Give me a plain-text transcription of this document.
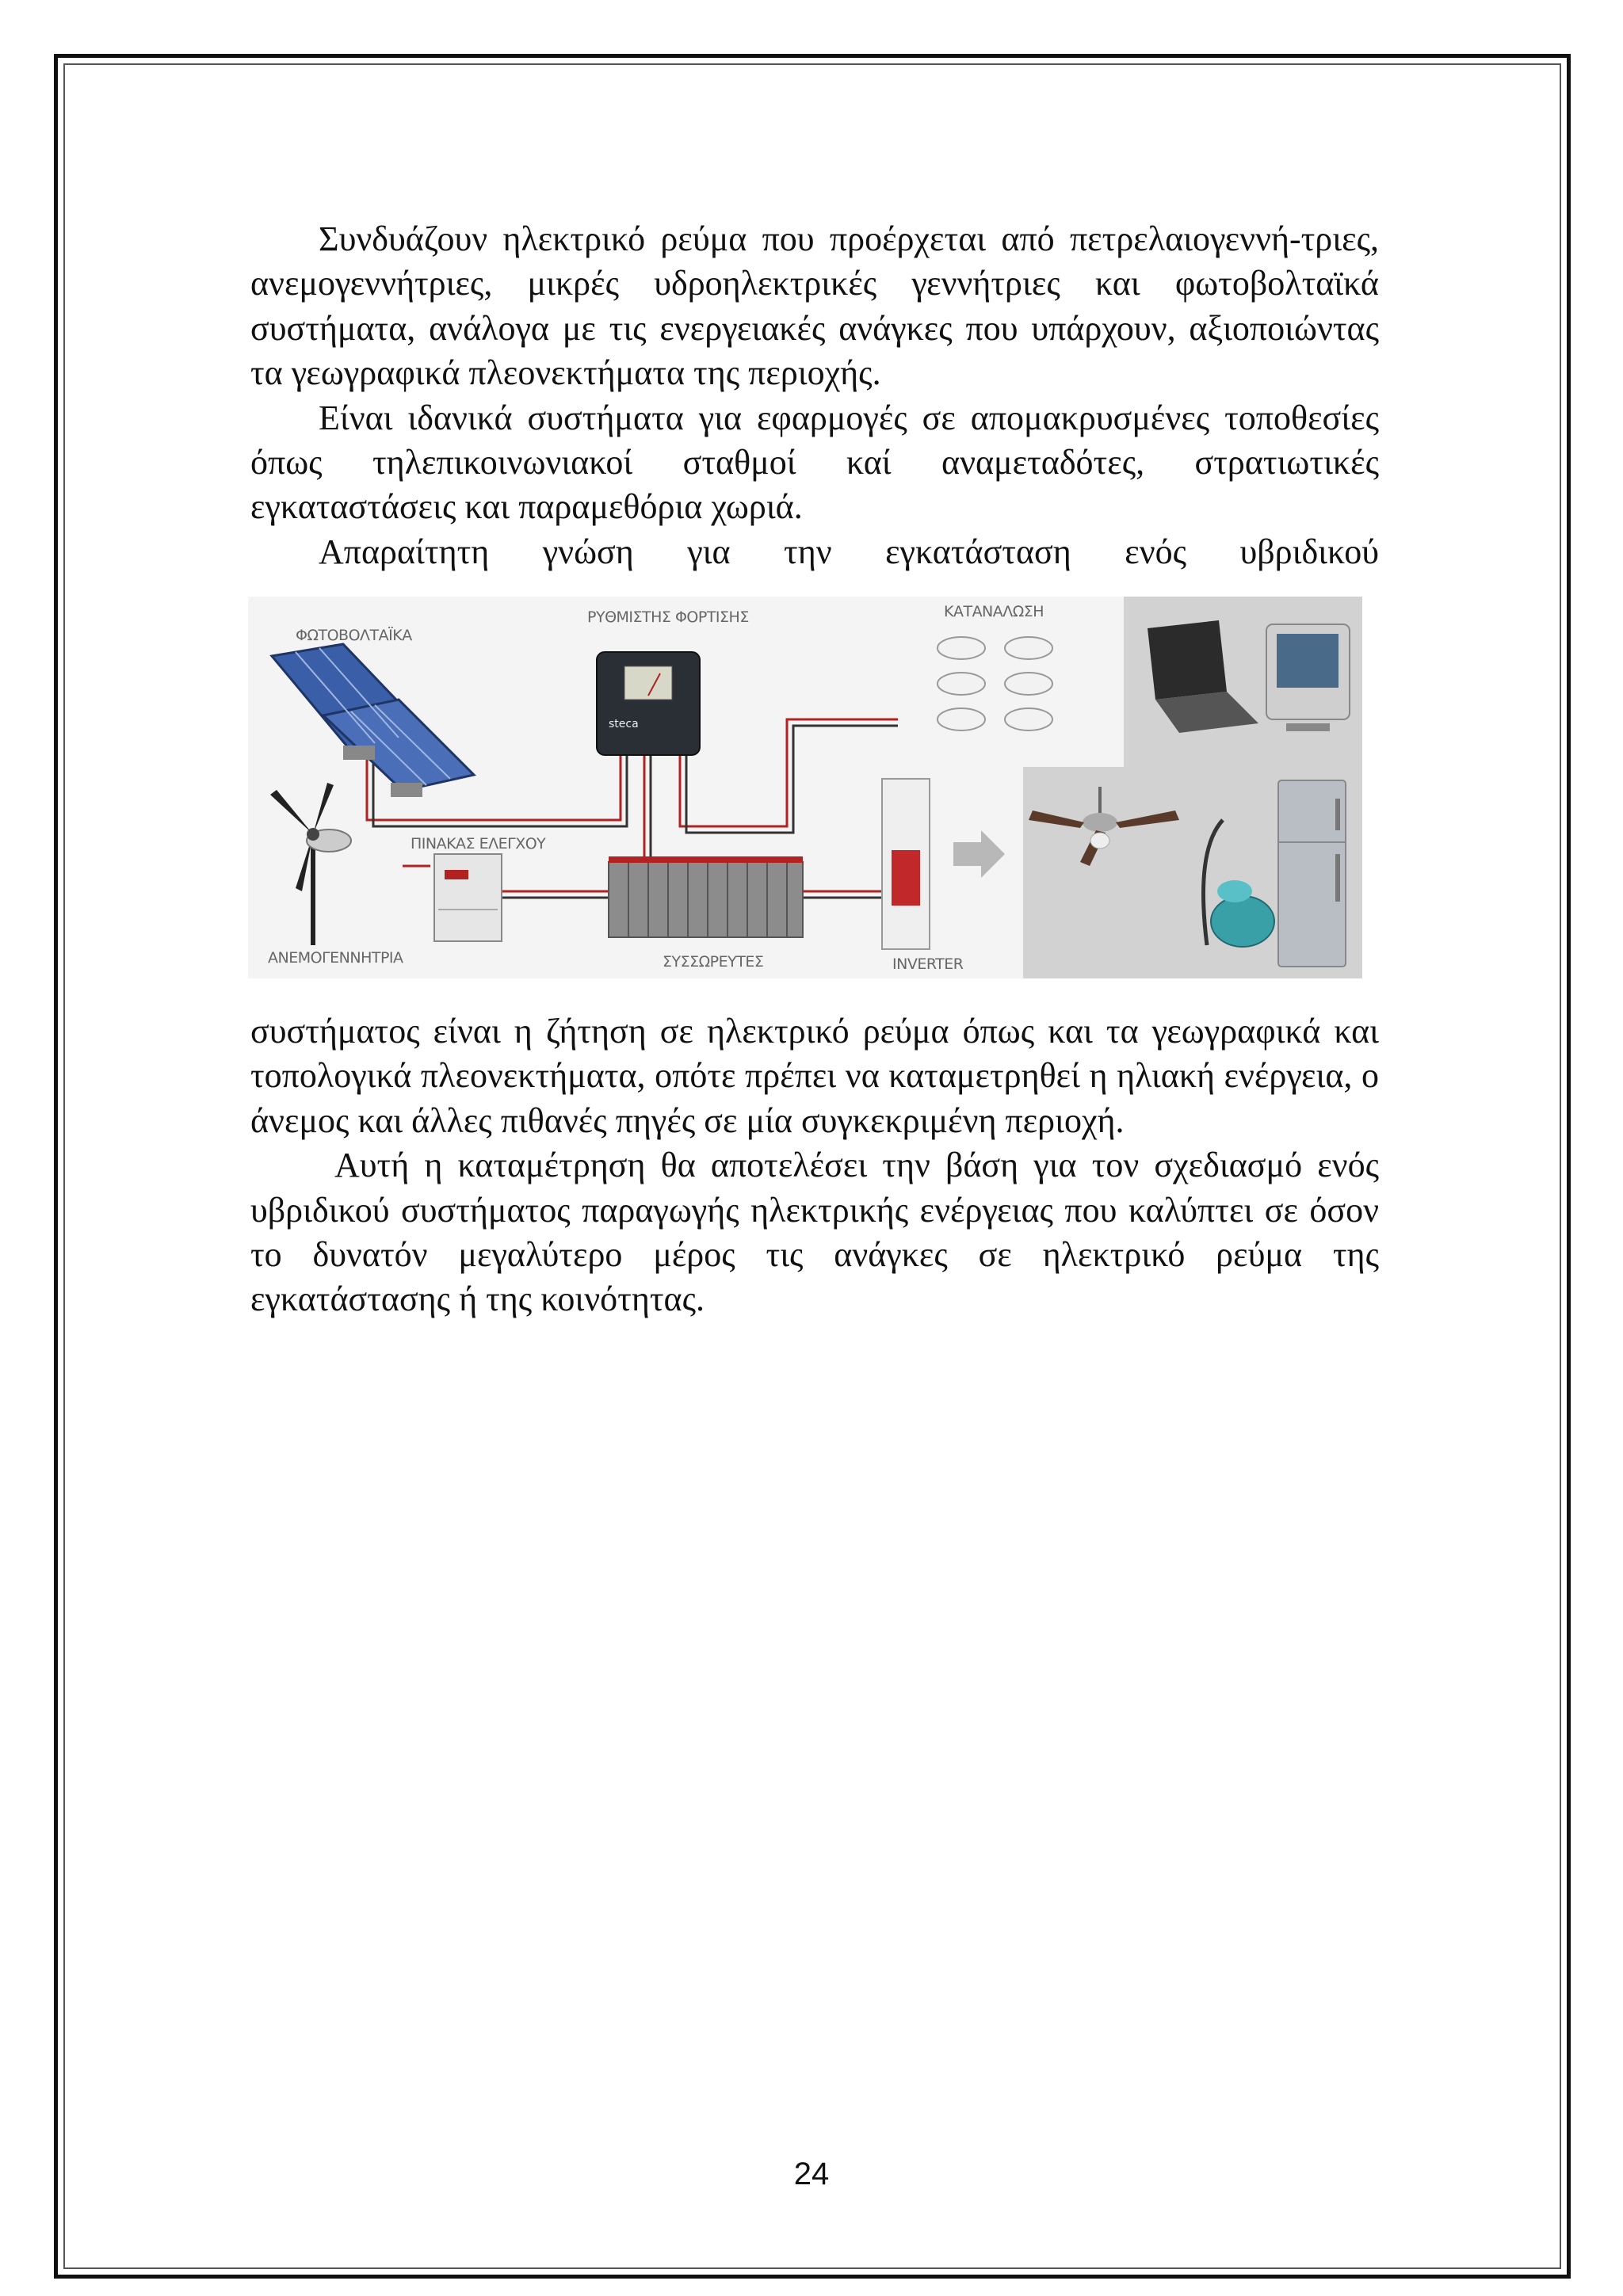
Συνδυάζουν ηλεκτρικό ρεύμα που προέρχεται από πετρελαιογεννή-τριες, ανεμογεννήτριες, μικρές υδροηλεκτρικές γεννήτριες και φωτοβολταϊκά συστήματα, ανάλογα με τις ενεργειακές ανάγκες που υπάρχουν, αξιοποιώντας τα γεωγραφικά πλεονεκτήματα της περιοχής.

Είναι ιδανικά συστήματα για εφαρμογές σε απομακρυσμένες τοποθεσίες όπως τηλεπικοινωνιακοί σταθμοί καί αναμεταδότες, στρατιωτικές εγκαταστάσεις και παραμεθόρια χωριά.

Απαραίτητη γνώση για την εγκατάσταση ενός υβριδικού

steca
ΦΩΤΟΒΟΛΤΑΪΚΑ
ΡΥΘΜΙΣΤΗΣ ΦΟΡΤΙΣΗΣ	ΚΑΤΑΝΑΛΩΣΗ
ΠΙΝΑΚΑΣ ΕΛΕΓΧΟΥ
ΑΝΕΜΟΓΕΝΝΗΤΡΙΑ	ΣΥΣΣΩΡΕΥΤΕΣ	INVERTER

συστήματος είναι η ζήτηση σε ηλεκτρικό ρεύμα όπως και τα γεωγραφικά και τοπολογικά πλεονεκτήματα, οπότε πρέπει να καταμετρηθεί η ηλιακή ενέργεια, ο άνεμος και άλλες πιθανές πηγές σε μία συγκεκριμένη περιοχή.

Αυτή η καταμέτρηση θα αποτελέσει την βάση για τον σχεδιασμό ενός υβριδικού συστήματος παραγωγής ηλεκτρικής ενέργειας που καλύπτει σε όσον το δυνατόν μεγαλύτερο μέρος τις ανάγκες σε ηλεκτρικό ρεύμα της εγκατάστασης ή της κοινότητας.

24
